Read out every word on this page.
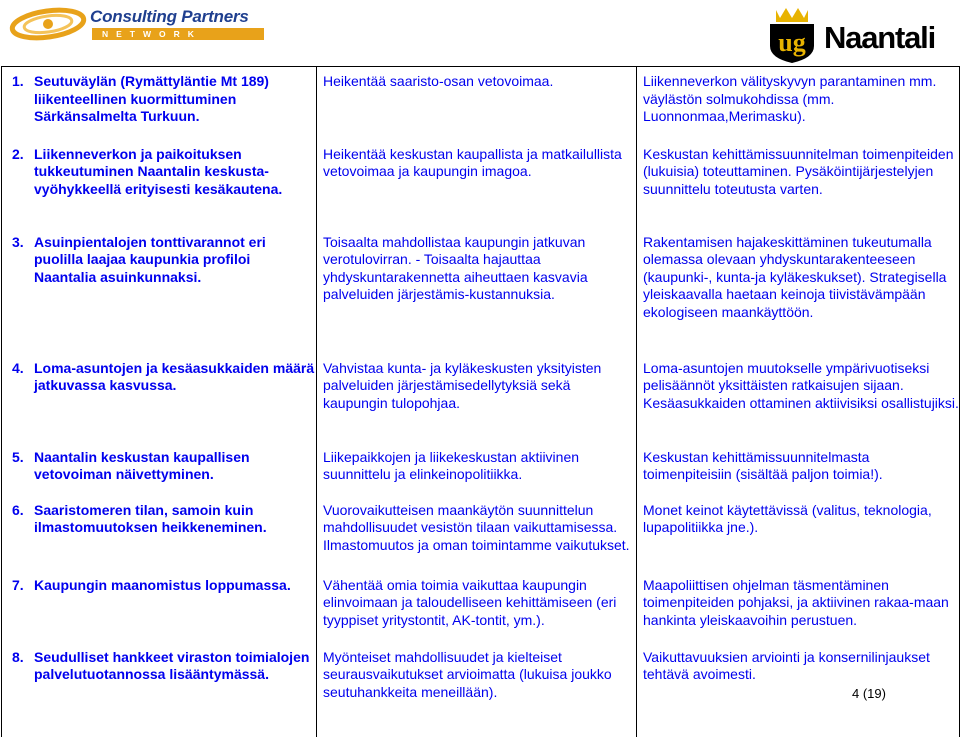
Consulting Partners
NETWORK	ug Naantali
1. Seutuväylän (Rymättyläntie Mt 189) liikenteellinen kuormittuminen Särkänsalmelta Turkuun.	Heikentää saaristo-osan vetovoimaa.	Liikenneverkon välityskyvyn parantaminen mm. väylästön solmukohdissa (mm. Luonnonmaa,Merimasku).

2. Liikenneverkon ja paikoituksen tukkeutuminen Naantalin keskusta-vyöhykkeellä erityisesti kesäkautena.	Heikentää keskustan kaupallista ja matkailullista vetovoimaa ja kaupungin imagoa.	Keskustan kehittämissuunnitelman toimenpiteiden (lukuisia) toteuttaminen. Pysäköintijärjestelyjen suunnittelu toteutusta varten.

3. Asuinpientalojen tonttivarannot eri puolilla laajaa kaupunkia profiloi Naantalia asuinkunnaksi.	Toisaalta mahdollistaa kaupungin jatkuvan verotulovirran. - Toisaalta hajauttaa yhdyskuntarakennetta aiheuttaen kasvavia palveluiden järjestämis-kustannuksia.	Rakentamisen hajakeskittäminen tukeutumalla olemassa olevaan yhdyskuntarakenteeseen (kaupunki-, kunta-ja kyläkeskukset). Strategisella yleiskaavalla haetaan keinoja tiivistävämpään ekologiseen maankäyttöön.

4. Loma-asuntojen ja kesäasukkaiden määrä jatkuvassa kasvussa.	Vahvistaa kunta- ja kyläkeskusten yksityisten palveluiden järjestämisedellytyksiä sekä kaupungin tulopohjaa.	Loma-asuntojen muutokselle ympärivuotiseksi pelisäännöt yksittäisten ratkaisujen sijaan. Kesäasukkaiden ottaminen aktiivisiksi osallistujiksi.

5. Naantalin keskustan kaupallisen vetovoiman näivettyminen.	Liikepaikkojen ja liikekeskustan aktiivinen suunnittelu ja elinkeinopolitiikka.	Keskustan kehittämissuunnitelmasta toimenpiteisiin (sisältää paljon toimia!).

6. Saaristomeren tilan, samoin kuin ilmastomuutoksen heikkeneminen.	Vuorovaikutteisen maankäytön suunnittelun mahdollisuudet vesistön tilaan vaikuttamisessa. Ilmastomuutos ja oman toimintamme vaikutukset.	Monet keinot käytettävissä (valitus, teknologia, lupapolitiikka jne.).

7. Kaupungin maanomistus loppumassa.	Vähentää omia toimia vaikuttaa kaupungin elinvoimaan ja taloudelliseen kehittämiseen (eri tyyppiset yritystontit, AK-tontit, ym.).	Maapoliittisen ohjelman täsmentäminen toimenpiteiden pohjaksi, ja aktiivinen rakaa-maan hankinta yleiskaavoihin perustuen.

8. Seudulliset hankkeet viraston toimialojen palvelutuotannossa lisääntymässä.	Myönteiset mahdollisuudet ja kielteiset seurausvaikutukset arvioimatta (lukuisa joukko seutuhankkeita meneillään).	Vaikuttavuuksien arviointi ja konsernilinjaukset tehtävä avoimesti.
4 (19)
